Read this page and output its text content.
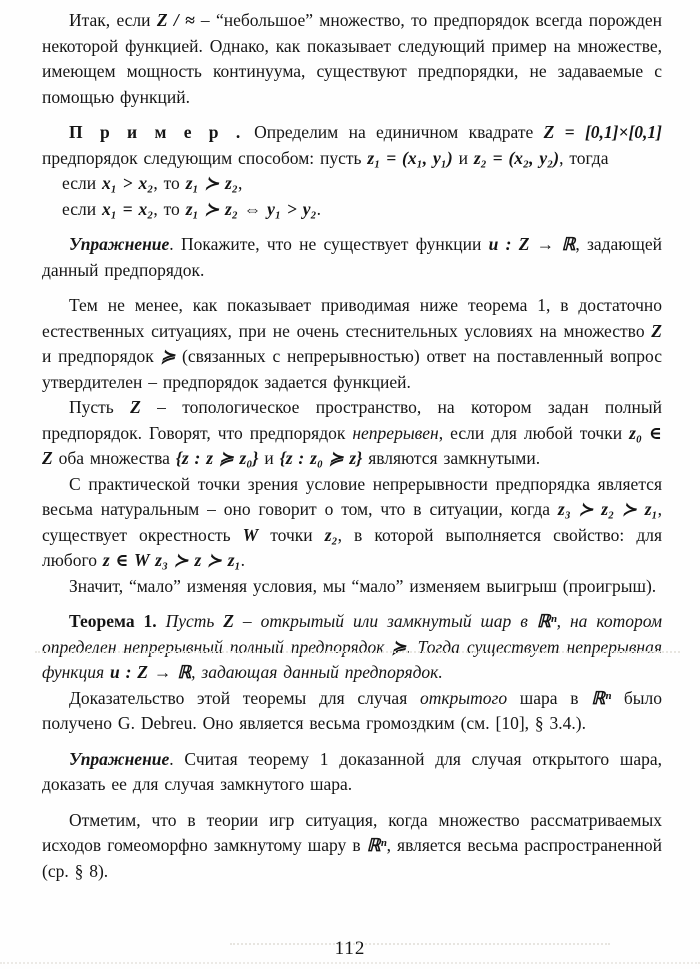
Итак, если Z / ≈ – “небольшое” множество, то предпорядок всегда порожден некоторой функцией. Однако, как показывает следующий пример на множестве, имеющем мощность континуума, существуют предпорядки, не задаваемые с помощью функций.

П р и м е р . Определим на единичном квадрате Z = [0,1]×[0,1] предпорядок следующим способом: пусть z₁ = (x₁, y₁) и z₂ = (x₂, y₂), тогда

если x₁ > x₂, то z₁ ≻ z₂,

если x₁ = x₂, то z₁ ≻ z₂ ⇔ y₁ > y₂.

Упражнение. Покажите, что не существует функции u : Z → ℝ, задающей данный предпорядок.

Тем не менее, как показывает приводимая ниже теорема 1, в достаточно естественных ситуациях, при не очень стеснительных условиях на множество Z и предпорядок ≽ (связанных с непрерывностью) ответ на поставленный вопрос утвердителен – предпорядок задается функцией.

Пусть Z – топологическое пространство, на котором задан полный предпорядок. Говорят, что предпорядок непрерывен, если для любой точки z₀ ∈ Z оба множества {z : z ≽ z₀} и {z : z₀ ≽ z} являются замкнутыми.

С практической точки зрения условие непрерывности предпорядка является весьма натуральным – оно говорит о том, что в ситуации, когда z₃ ≻ z₂ ≻ z₁, существует окрестность W точки z₂, в которой выполняется свойство: для любого z ∈ W z₃ ≻ z ≻ z₁.

Значит, “мало” изменяя условия, мы “мало” изменяем выигрыш (проигрыш).

Теорема 1. Пусть Z – открытый или замкнутый шар в ℝⁿ, на котором определен непрерывный полный предпорядок ≽. Тогда существует непрерывная функция u : Z → ℝ, задающая данный предпорядок.

Доказательство этой теоремы для случая открытого шара в ℝⁿ было получено G. Debreu. Оно является весьма громоздким (см. [10], § 3.4.).

Упражнение. Считая теорему 1 доказанной для случая открытого шара, доказать ее для случая замкнутого шара.

Отметим, что в теории игр ситуация, когда множество рассматриваемых исходов гомеоморфно замкнутому шару в ℝⁿ, является весьма распространенной (ср. § 8).

112
